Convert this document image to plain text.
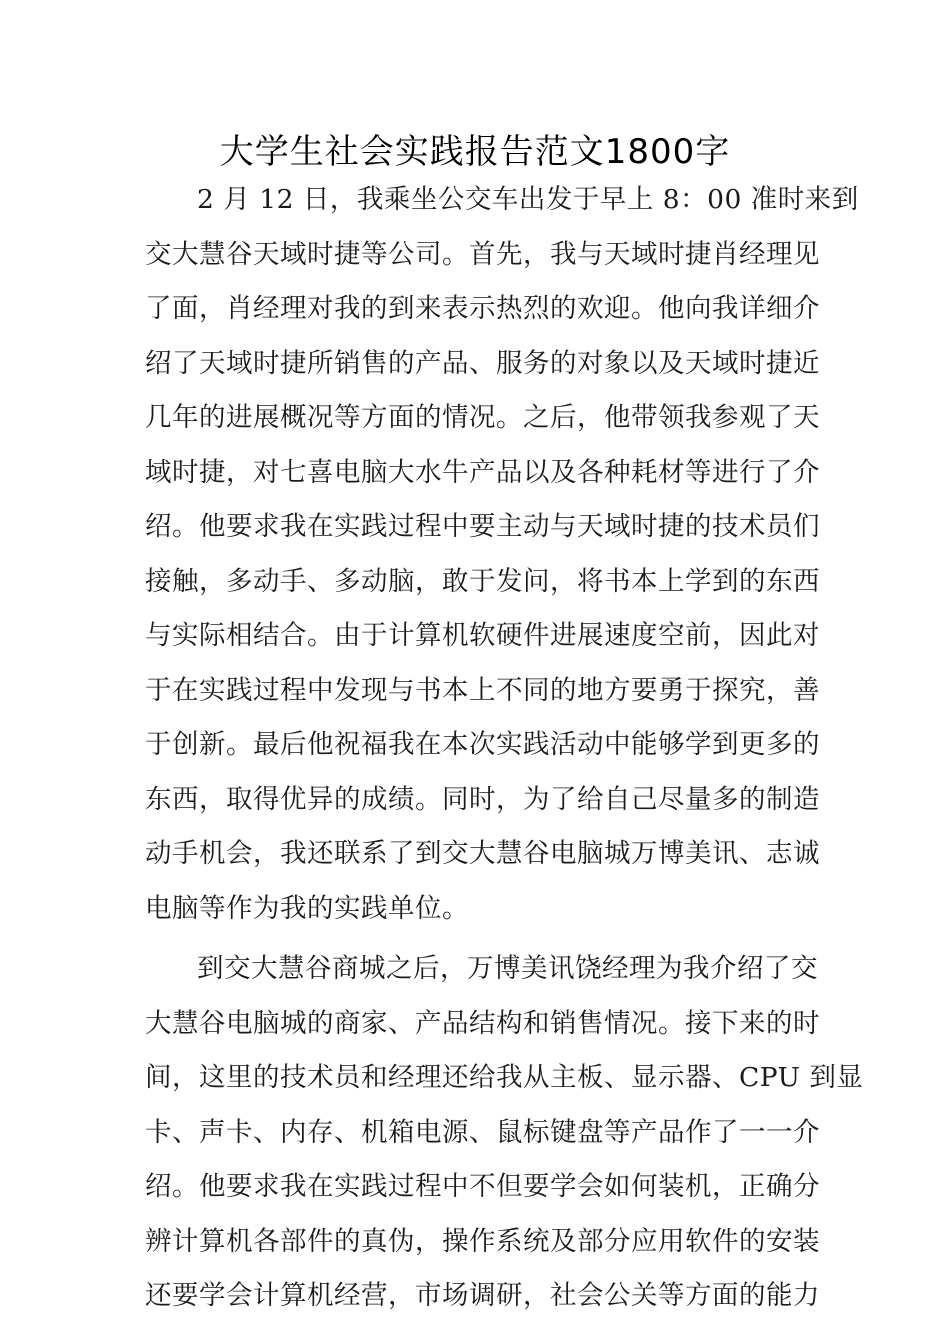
大学生社会实践报告范文1800字
2 月 12 日，我乘坐公交车出发于早上 8：00 准时来到
交大慧谷天域时捷等公司。首先，我与天域时捷肖经理见
了面，肖经理对我的到来表示热烈的欢迎。他向我详细介
绍了天域时捷所销售的产品、服务的对象以及天域时捷近
几年的进展概况等方面的情况。之后，他带领我参观了天
域时捷，对七喜电脑大水牛产品以及各种耗材等进行了介
绍。他要求我在实践过程中要主动与天域时捷的技术员们
接触，多动手、多动脑，敢于发问，将书本上学到的东西
与实际相结合。由于计算机软硬件进展速度空前，因此对
于在实践过程中发现与书本上不同的地方要勇于探究，善
于创新。最后他祝福我在本次实践活动中能够学到更多的
东西，取得优异的成绩。同时，为了给自己尽量多的制造
动手机会，我还联系了到交大慧谷电脑城万博美讯、志诚
电脑等作为我的实践单位。
到交大慧谷商城之后，万博美讯饶经理为我介绍了交
大慧谷电脑城的商家、产品结构和销售情况。接下来的时
间，这里的技术员和经理还给我从主板、显示器、CPU 到显
卡、声卡、内存、机箱电源、鼠标键盘等产品作了一一介
绍。他要求我在实践过程中不但要学会如何装机，正确分
辨计算机各部件的真伪，操作系统及部分应用软件的安装
还要学会计算机经营，市场调研，社会公关等方面的能力
